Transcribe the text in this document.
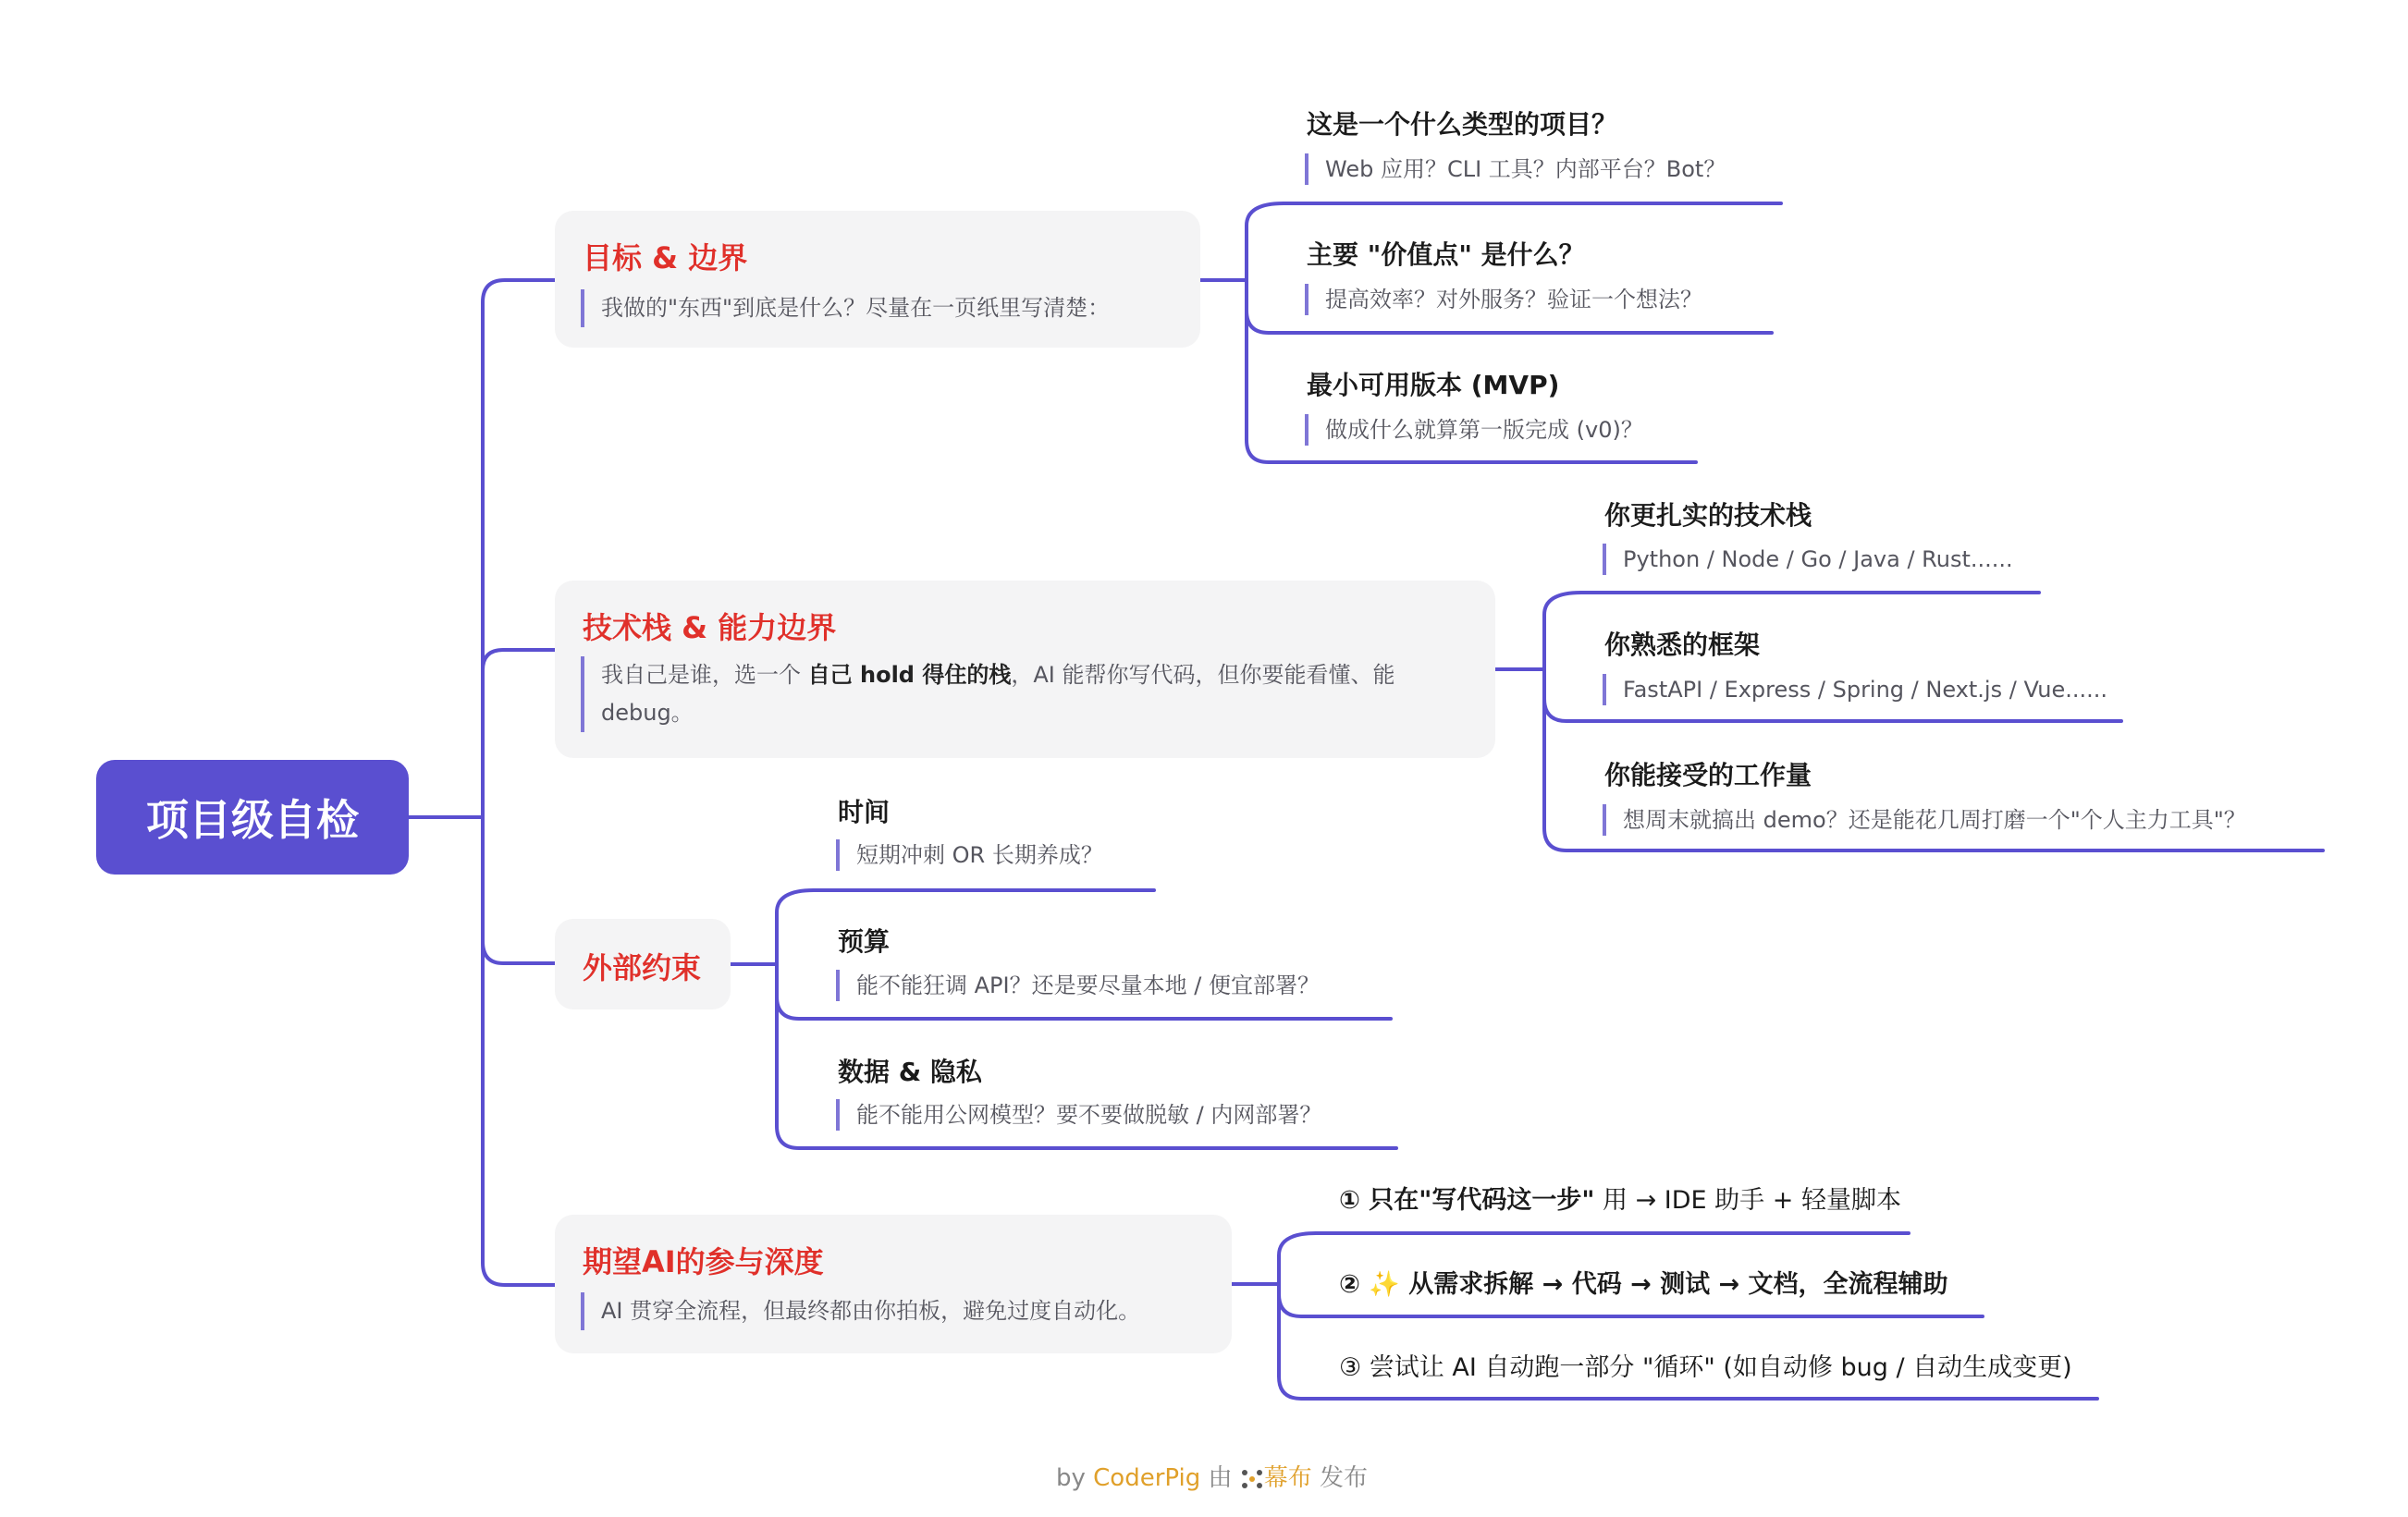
项目级自检
目标 & 边界
我做的"东西"到底是什么？尽量在一页纸里写清楚：
这是一个什么类型的项目？
Web 应用？CLI 工具？内部平台？Bot？
主要 "价值点" 是什么？
提高效率？对外服务？验证一个想法？
最小可用版本 (MVP)
做成什么就算第一版完成 (v0)？
技术栈 & 能力边界
我自己是谁，选一个 自己 hold 得住的栈，AI 能帮你写代码，但你要能看懂、能
debug。
你更扎实的技术栈
Python / Node / Go / Java / Rust......
你熟悉的框架
FastAPI / Express / Spring / Next.js / Vue......
你能接受的工作量
想周末就搞出 demo？还是能花几周打磨一个"个人主力工具"？
外部约束
时间
短期冲刺 OR 长期养成？
预算
能不能狂调 API？还是要尽量本地 / 便宜部署？
数据 & 隐私
能不能用公网模型？要不要做脱敏 / 内网部署？
期望AI的参与深度
AI 贯穿全流程，但最终都由你拍板，避免过度自动化。
① 只在"写代码这一步" 用 → IDE 助手 + 轻量脚本
② ✨ 从需求拆解 → 代码 → 测试 → 文档，全流程辅助
③ 尝试让 AI 自动跑一部分 "循环" (如自动修 bug / 自动生成变更)
by CoderPig 由 幕布 发布
